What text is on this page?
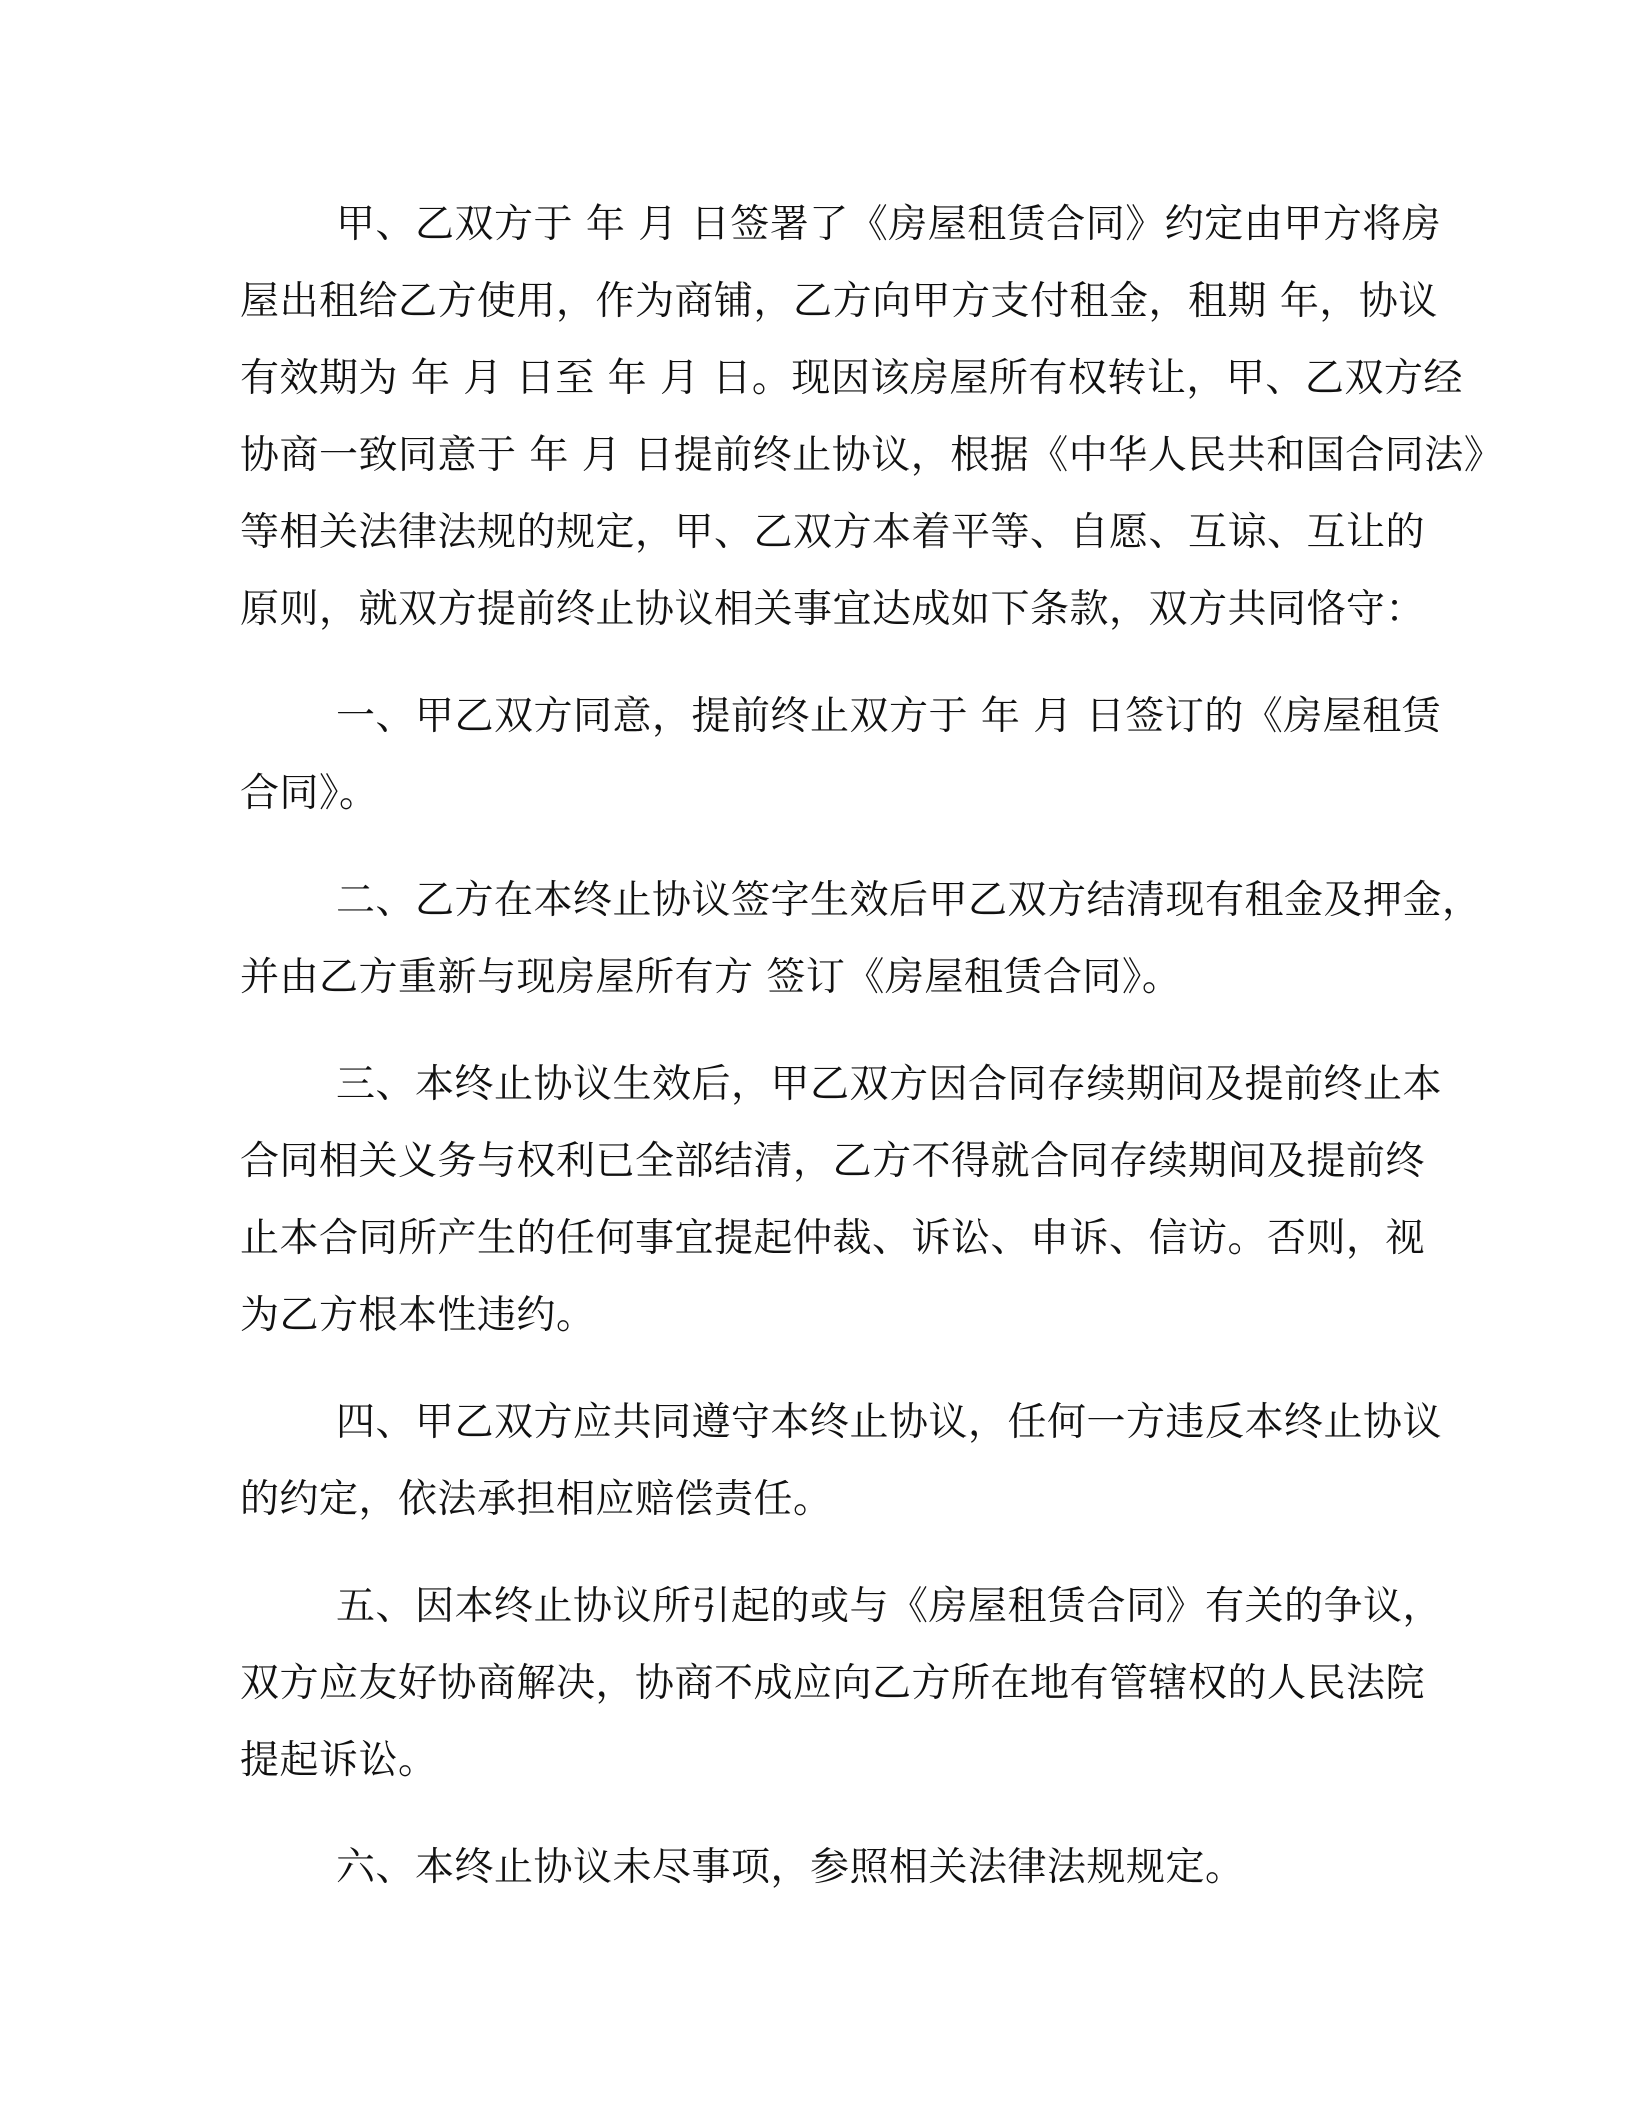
甲、乙双方于 年 月 日签署了《房屋租赁合同》约定由甲方将房
屋出租给乙方使用，作为商铺，乙方向甲方支付租金，租期 年，协议
有效期为 年 月 日至 年 月 日。现因该房屋所有权转让，甲、乙双方经
协商一致同意于 年 月 日提前终止协议，根据《中华人民共和国合同法》
等相关法律法规的规定，甲、乙双方本着平等、自愿、互谅、互让的
原则，就双方提前终止协议相关事宜达成如下条款，双方共同恪守：

一、甲乙双方同意，提前终止双方于 年 月 日签订的《房屋租赁
合同》。

二、乙方在本终止协议签字生效后甲乙双方结清现有租金及押金，
并由乙方重新与现房屋所有方 签订《房屋租赁合同》。

三、本终止协议生效后，甲乙双方因合同存续期间及提前终止本
合同相关义务与权利已全部结清，乙方不得就合同存续期间及提前终
止本合同所产生的任何事宜提起仲裁、诉讼、申诉、信访。否则，视
为乙方根本性违约。

四、甲乙双方应共同遵守本终止协议，任何一方违反本终止协议
的约定，依法承担相应赔偿责任。

五、因本终止协议所引起的或与《房屋租赁合同》有关的争议，
双方应友好协商解决，协商不成应向乙方所在地有管辖权的人民法院
提起诉讼。

六、本终止协议未尽事项，参照相关法律法规规定。
